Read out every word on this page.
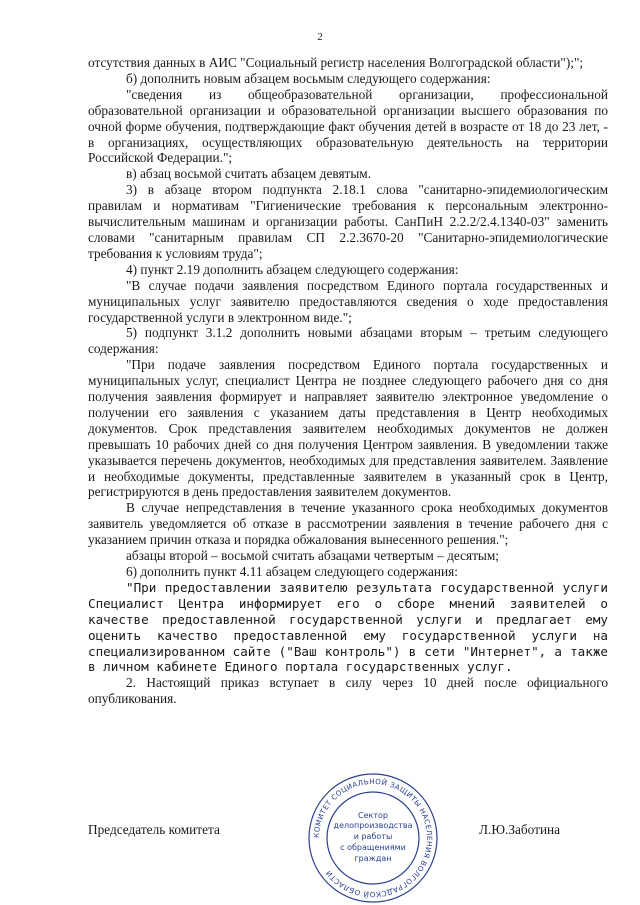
2

отсутствия данных в АИС "Социальный регистр населения Волгоградской области");";

б) дополнить новым абзацем восьмым следующего содержания:

"сведения из общеобразовательной организации, профессиональной образовательной организации и образовательной организации высшего образования по очной форме обучения, подтверждающие факт обучения детей в возрасте от 18 до 23 лет, - в организациях, осуществляющих образовательную деятельность на территории Российской Федерации.";

в) абзац восьмой считать абзацем девятым.

3) в абзаце втором подпункта 2.18.1 слова "санитарно-эпидемиологическим правилам и нормативам "Гигиенические требования к персональным электронно-вычислительным машинам и организации работы. СанПиН 2.2.2/2.4.1340-03" заменить словами "санитарным правилам СП 2.2.3670-20 "Санитарно-эпидемиологические требования к условиям труда";

4) пункт 2.19 дополнить абзацем следующего содержания:

"В случае подачи заявления посредством Единого портала государственных и муниципальных услуг заявителю предоставляются сведения о ходе предоставления государственной услуги в электронном виде.";

5) подпункт 3.1.2 дополнить новыми абзацами вторым – третьим следующего содержания:

"При подаче заявления посредством Единого портала государственных и муниципальных услуг, специалист Центра не позднее следующего рабочего дня со дня получения заявления формирует и направляет заявителю электронное уведомление о получении его заявления с указанием даты представления в Центр необходимых документов. Срок представления заявителем необходимых документов не должен превышать 10 рабочих дней со дня получения Центром заявления. В уведомлении также указывается перечень документов, необходимых для представления заявителем. Заявление и необходимые документы, представленные заявителем в указанный срок в Центр, регистрируются в день предоставления заявителем документов.

В случае непредставления в течение указанного срока необходимых документов заявитель уведомляется об отказе в рассмотрении заявления в течение рабочего дня с указанием причин отказа и порядка обжалования вынесенного решения.";

абзацы второй – восьмой считать абзацами четвертым – десятым;

6) дополнить пункт 4.11 абзацем следующего содержания:

"При предоставлении заявителю результата государственной услуги Специалист Центра информирует его о сборе мнений заявителей о качестве предоставленной государственной услуги и предлагает ему оценить качество предоставленной ему государственной услуги на специализированном сайте ("Ваш контроль") в сети "Интернет", а также в личном кабинете Единого портала государственных услуг.

2. Настоящий приказ вступает в силу через 10 дней после официального опубликования.

Председатель комитета	Л.Ю.Заботина
КОМИТЕТ СОЦИАЛЬНОЙ ЗАЩИТЫ НАСЕЛЕНИЯ ВОЛГОГРАДСКОЙ ОБЛАСТИ
Сектор
делопроизводства
и работы
с обращениями
граждан
